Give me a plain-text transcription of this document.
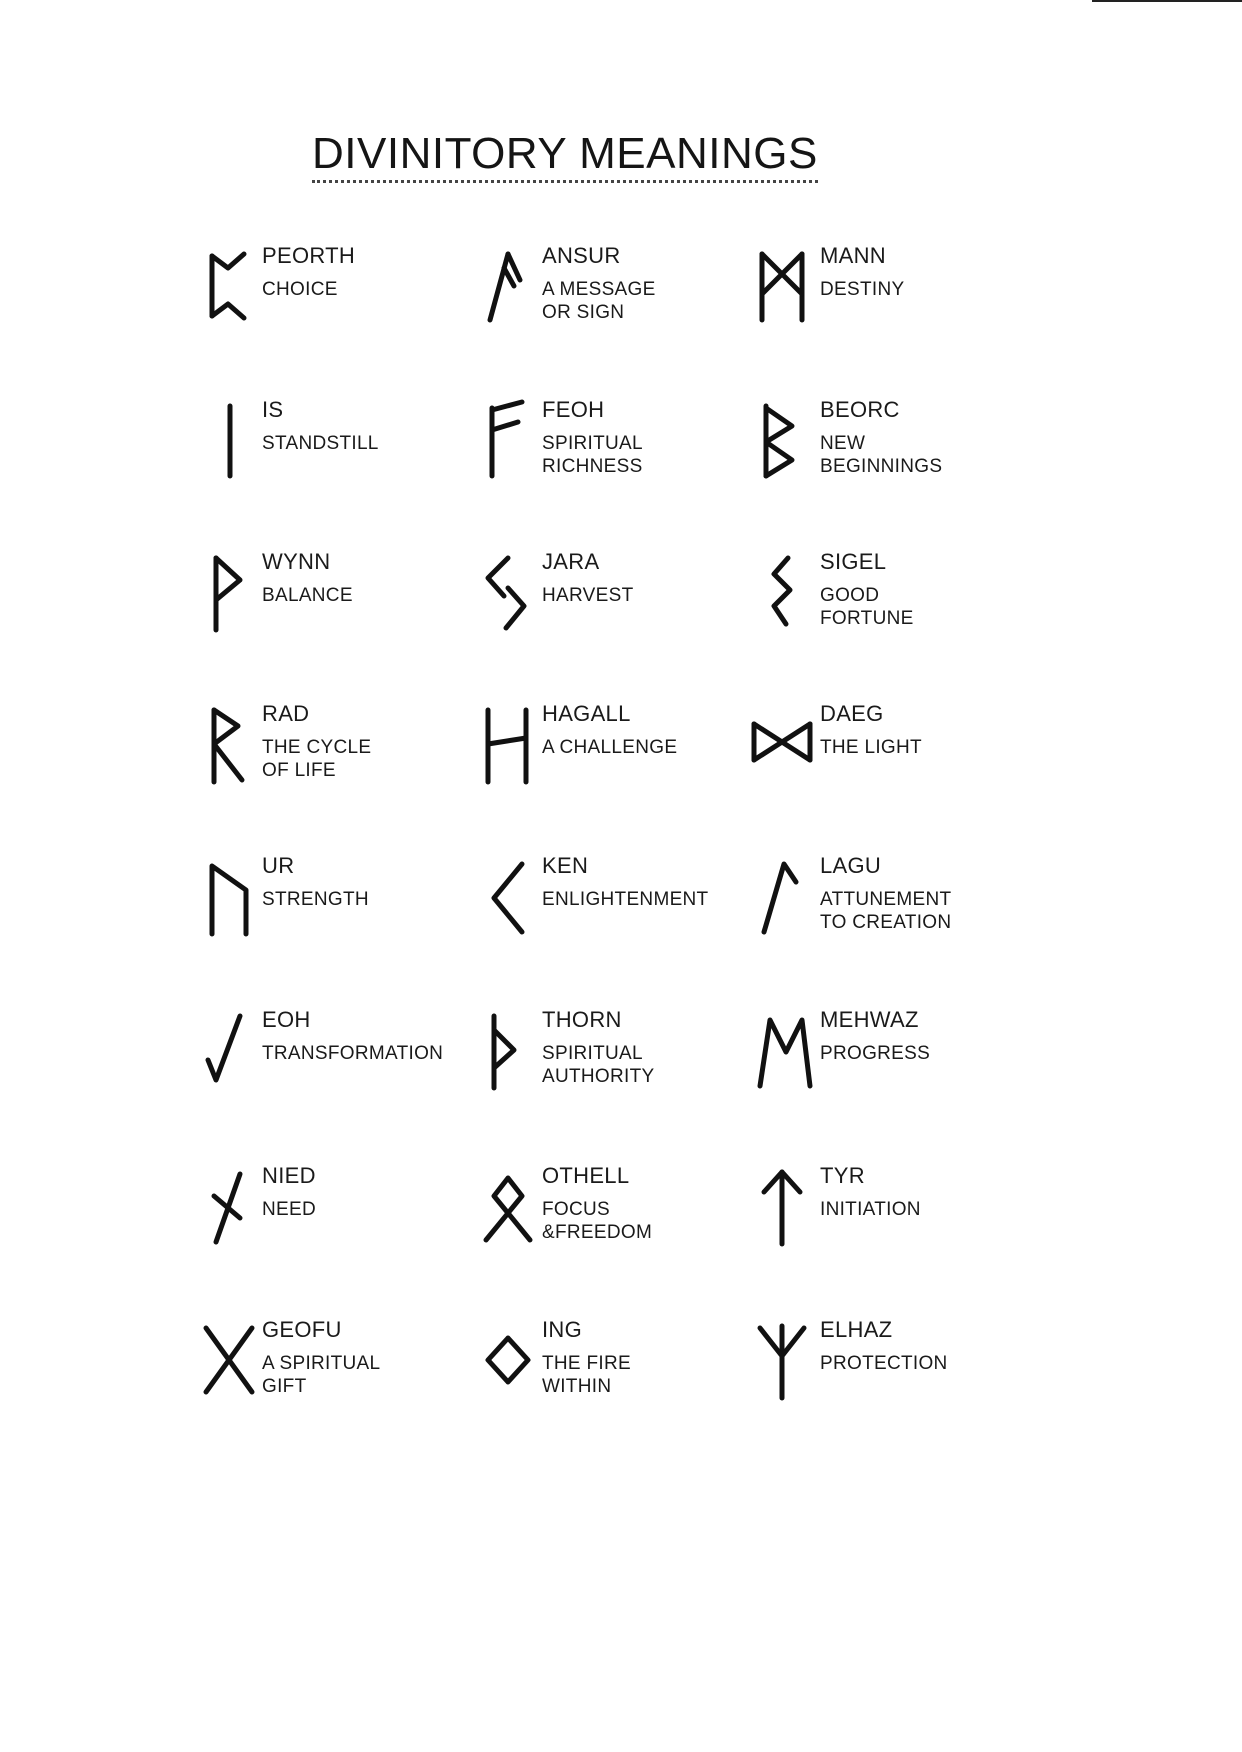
DIVINITORY MEANINGS
PEORTH
CHOICE
ANSUR
A MESSAGE
OR SIGN
MANN
DESTINY
IS
STANDSTILL
FEOH
SPIRITUAL
RICHNESS
BEORC
NEW
BEGINNINGS
WYNN
BALANCE
JARA
HARVEST
SIGEL
GOOD
FORTUNE
RAD
THE CYCLE
OF LIFE
HAGALL
A CHALLENGE
DAEG
THE LIGHT
UR
STRENGTH
KEN
ENLIGHTENMENT
LAGU
ATTUNEMENT
TO CREATION
EOH
TRANSFORMATION
THORN
SPIRITUAL
AUTHORITY
MEHWAZ
PROGRESS
NIED
NEED
OTHELL
FOCUS
&FREEDOM
TYR
INITIATION
GEOFU
A SPIRITUAL
GIFT
ING
THE FIRE
WITHIN
ELHAZ
PROTECTION
